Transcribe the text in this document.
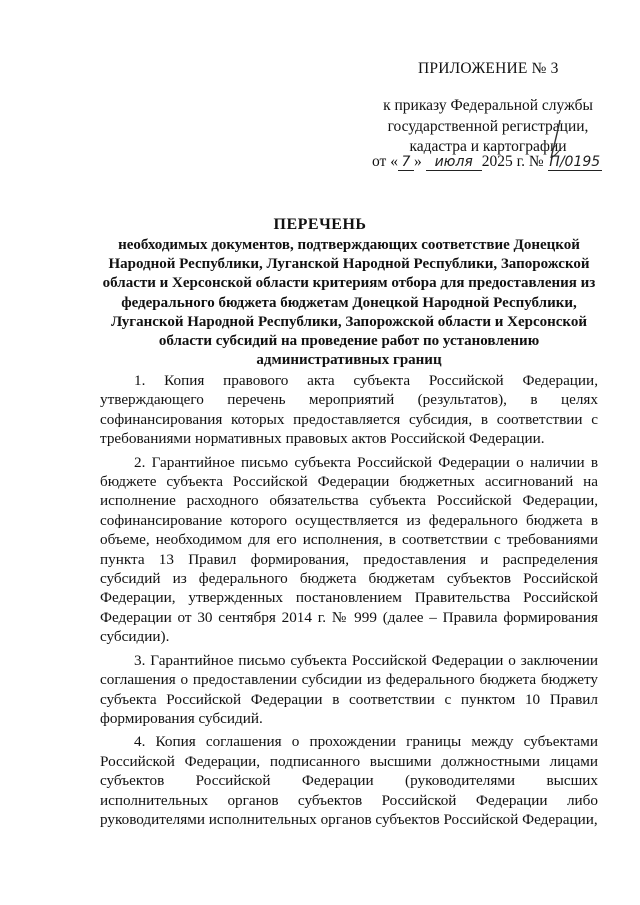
ПРИЛОЖЕНИЕ № 3
к приказу Федеральной службы
государственной регистрации,
кадастра и картографии
от « 7 » июля 2025 г. № П/0195
ПЕРЕЧЕНЬ
необходимых документов, подтверждающих соответствие Донецкой Народной Республики, Луганской Народной Республики, Запорожской области и Херсонской области критериям отбора для предоставления из федерального бюджета бюджетам Донецкой Народной Республики, Луганской Народной Республики, Запорожской области и Херсонской области субсидий на проведение работ по установлению административных границ

1. Копия правового акта субъекта Российской Федерации, утверждающего перечень мероприятий (результатов), в целях софинансирования которых предоставляется субсидия, в соответствии с требованиями нормативных правовых актов Российской Федерации.

2. Гарантийное письмо субъекта Российской Федерации о наличии в бюджете субъекта Российской Федерации бюджетных ассигнований на исполнение расходного обязательства субъекта Российской Федерации, софинансирование которого осуществляется из федерального бюджета в объеме, необходимом для его исполнения, в соответствии с требованиями пункта 13 Правил формирования, предоставления и распределения субсидий из федерального бюджета бюджетам субъектов Российской Федерации, утвержденных постановлением Правительства Российской Федерации от 30 сентября 2014 г. № 999 (далее – Правила формирования субсидии).

3. Гарантийное письмо субъекта Российской Федерации о заключении соглашения о предоставлении субсидии из федерального бюджета бюджету субъекта Российской Федерации в соответствии с пунктом 10 Правил формирования субсидий.

4. Копия соглашения о прохождении границы между субъектами Российской Федерации, подписанного высшими должностными лицами субъектов Российской Федерации (руководителями высших исполнительных органов субъектов Российской Федерации либо руководителями исполнительных органов субъектов Российской Федерации,
